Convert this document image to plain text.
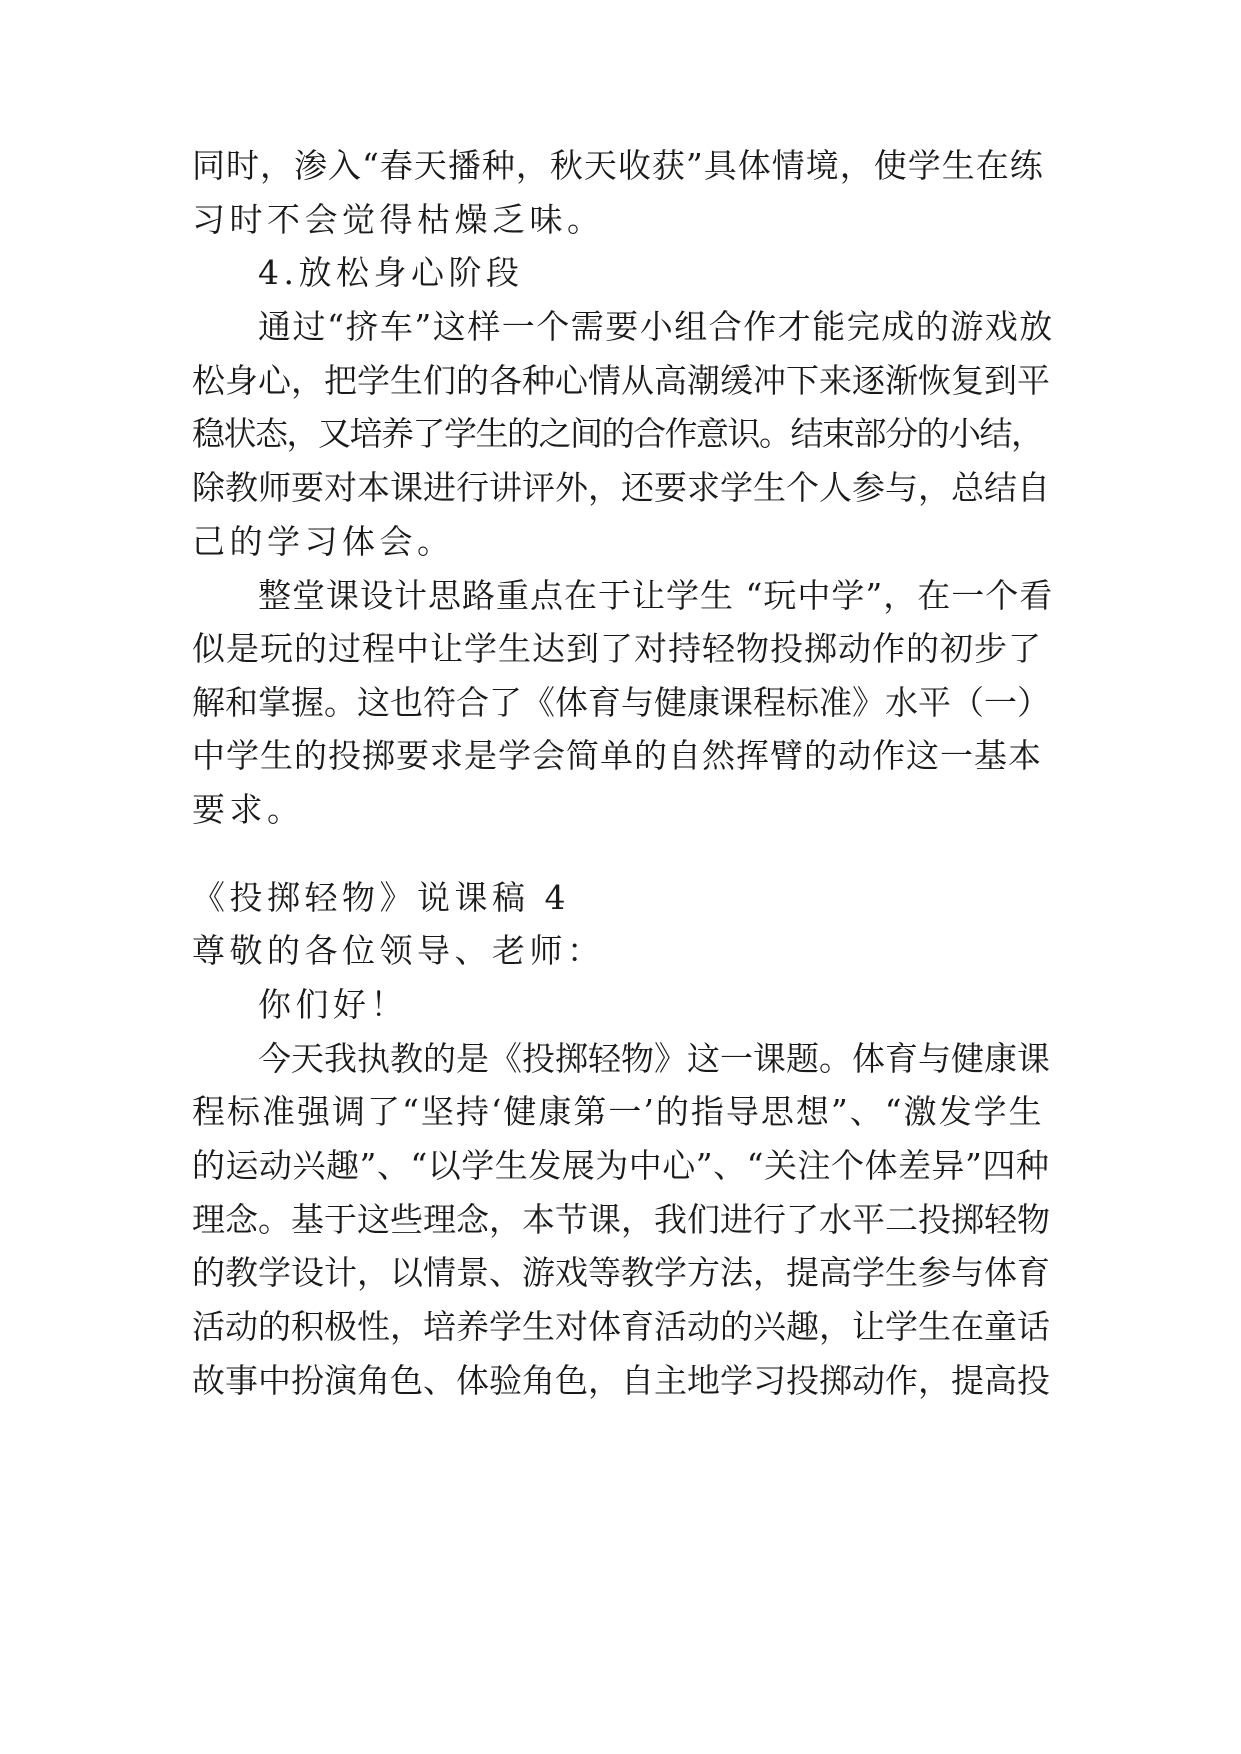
同时，渗入“春天播种，秋天收获”具体情境，使学生在练
习时不会觉得枯燥乏味。
4.放松身心阶段
通过“挤车”这样一个需要小组合作才能完成的游戏放
松身心，把学生们的各种心情从高潮缓冲下来逐渐恢复到平
稳状态，又培养了学生的之间的合作意识。结束部分的小结，
除教师要对本课进行讲评外，还要求学生个人参与，总结自
己的学习体会。
整堂课设计思路重点在于让学生 “玩中学”，在一个看
似是玩的过程中让学生达到了对持轻物投掷动作的初步了
解和掌握。这也符合了《体育与健康课程标准》水平（一）
中学生的投掷要求是学会简单的自然挥臂的动作这一基本
要求。
《投掷轻物》说课稿 4
尊敬的各位领导、老师：
你们好！
今天我执教的是《投掷轻物》这一课题。体育与健康课
程标准强调了“坚持‘健康第一’的指导思想”、“激发学生
的运动兴趣”、“以学生发展为中心”、“关注个体差异”四种
理念。基于这些理念，本节课，我们进行了水平二投掷轻物
的教学设计，以情景、游戏等教学方法，提高学生参与体育
活动的积极性，培养学生对体育活动的兴趣，让学生在童话
故事中扮演角色、体验角色，自主地学习投掷动作，提高投
